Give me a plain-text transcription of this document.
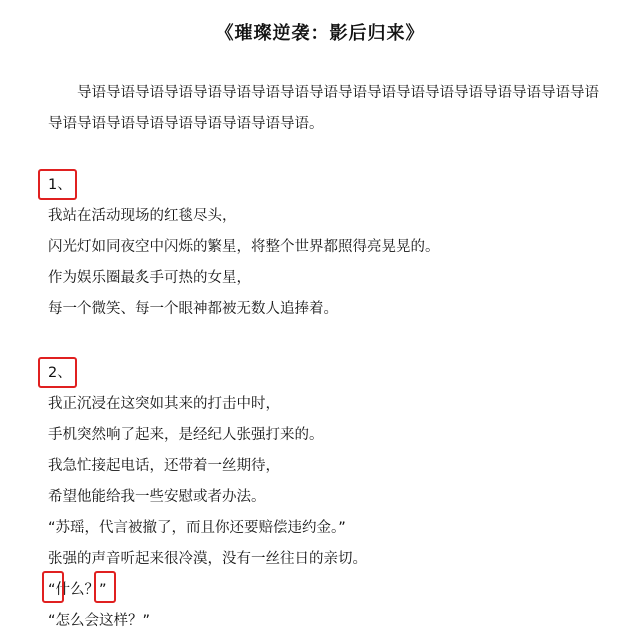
《璀璨逆袭：影后归来》
导语导语导语导语导语导语导语导语导语导语导语导语导语导语导语导语导语导语导语导语导语导语导语导语导语导语导语。
1、
我站在活动现场的红毯尽头，
闪光灯如同夜空中闪烁的繁星，将整个世界都照得亮晃晃的。
作为娱乐圈最炙手可热的女星，
每一个微笑、每一个眼神都被无数人追捧着。
2、
我正沉浸在这突如其来的打击中时，
手机突然响了起来，是经纪人张强打来的。
我急忙接起电话，还带着一丝期待，
希望他能给我一些安慰或者办法。
“苏瑶，代言被撤了，而且你还要赔偿违约金。”
张强的声音听起来很冷漠，没有一丝往日的亲切。
“
什么？”
“怎么会这样？”
